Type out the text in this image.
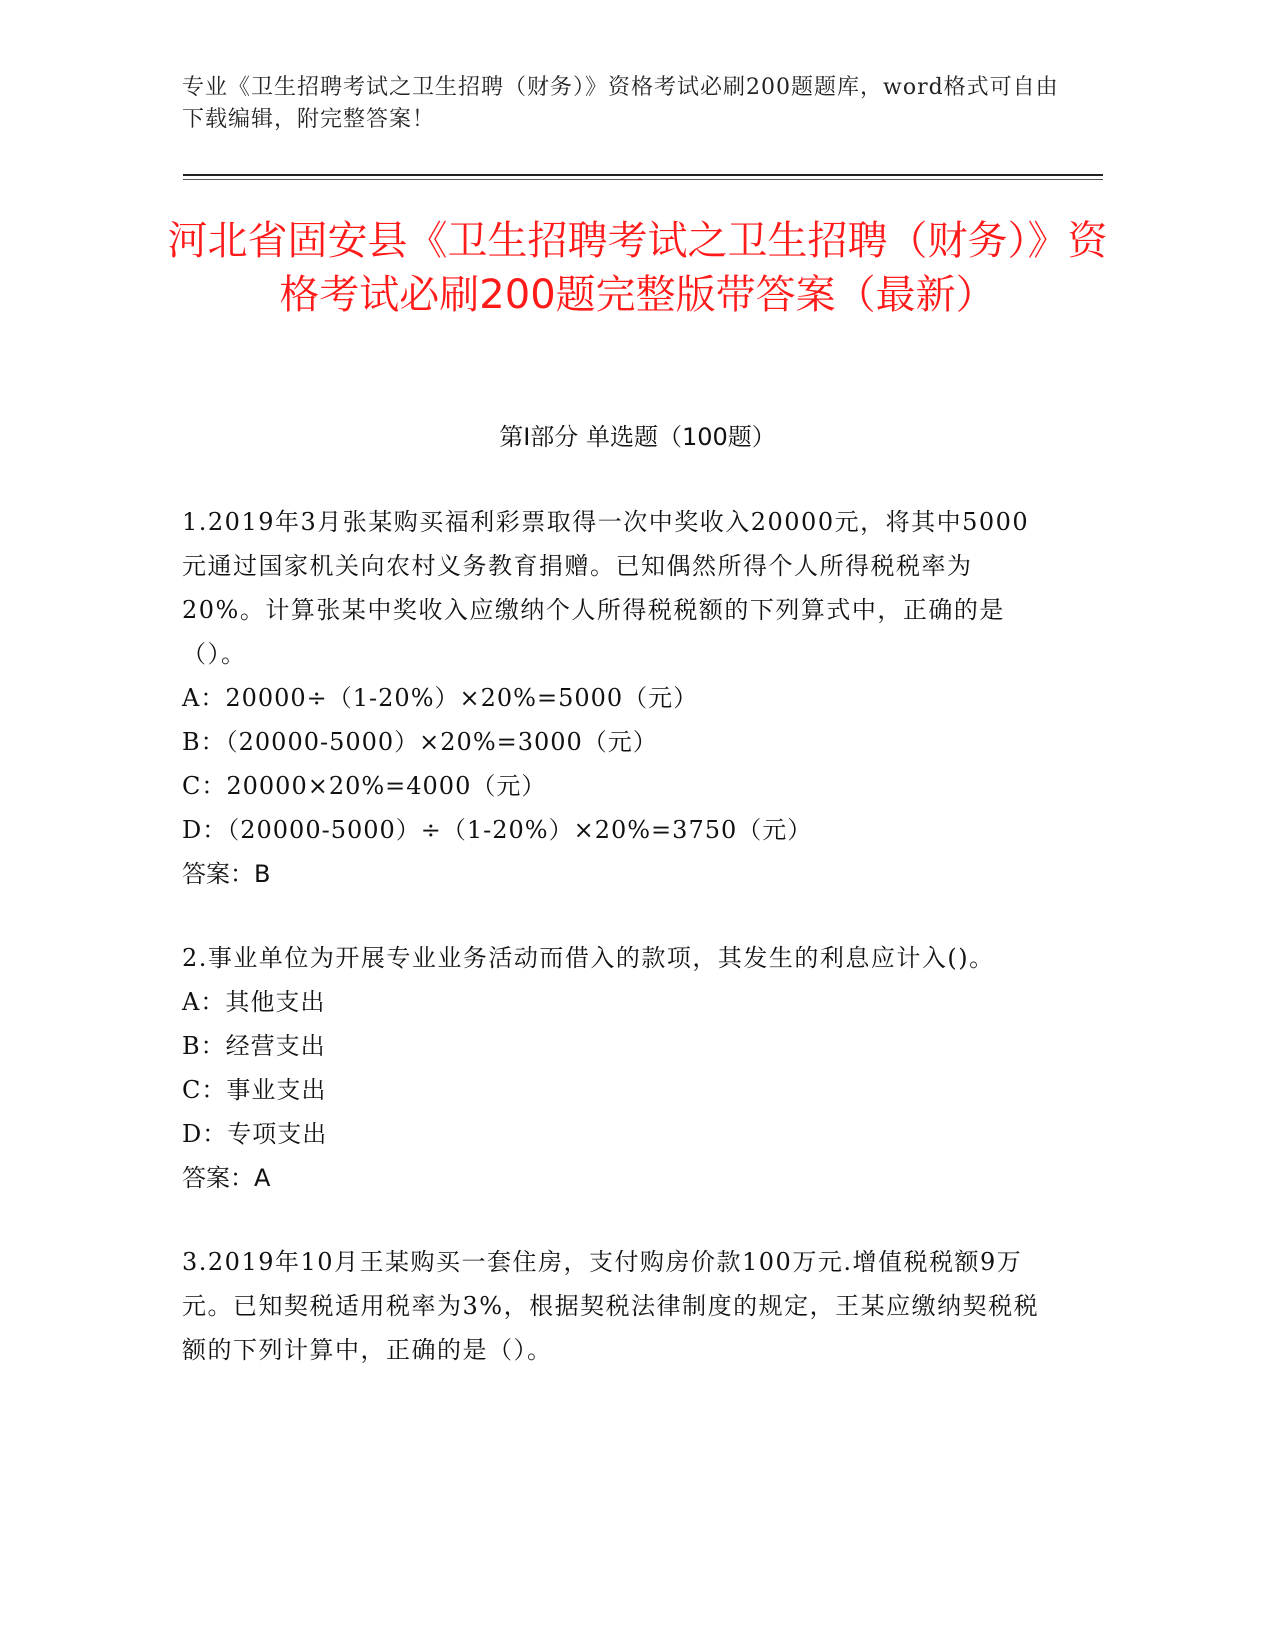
专业《卫生招聘考试之卫生招聘（财务）》资格考试必刷200题题库，word格式可自由下载编辑，附完整答案！
河北省固安县《卫生招聘考试之卫生招聘（财务）》资格考试必刷200题完整版带答案（最新）
第I部分 单选题（100题）

1.2019年3月张某购买福利彩票取得一次中奖收入20000元，将其中5000元通过国家机关向农村义务教育捐赠。已知偶然所得个人所得税税率为20%。计算张某中奖收入应缴纳个人所得税税额的下列算式中，正确的是（）。

A：20000÷（1-20%）×20%=5000（元）

B：（20000-5000）×20%=3000（元）

C：20000×20%=4000（元）

D：（20000-5000）÷（1-20%）×20%=3750（元）

答案：B

2.事业单位为开展专业业务活动而借入的款项，其发生的利息应计入()。

A：其他支出

B：经营支出

C：事业支出

D：专项支出

答案：A

3.2019年10月王某购买一套住房，支付购房价款100万元.增值税税额9万元。已知契税适用税率为3%，根据契税法律制度的规定，王某应缴纳契税税额的下列计算中，正确的是（）。
